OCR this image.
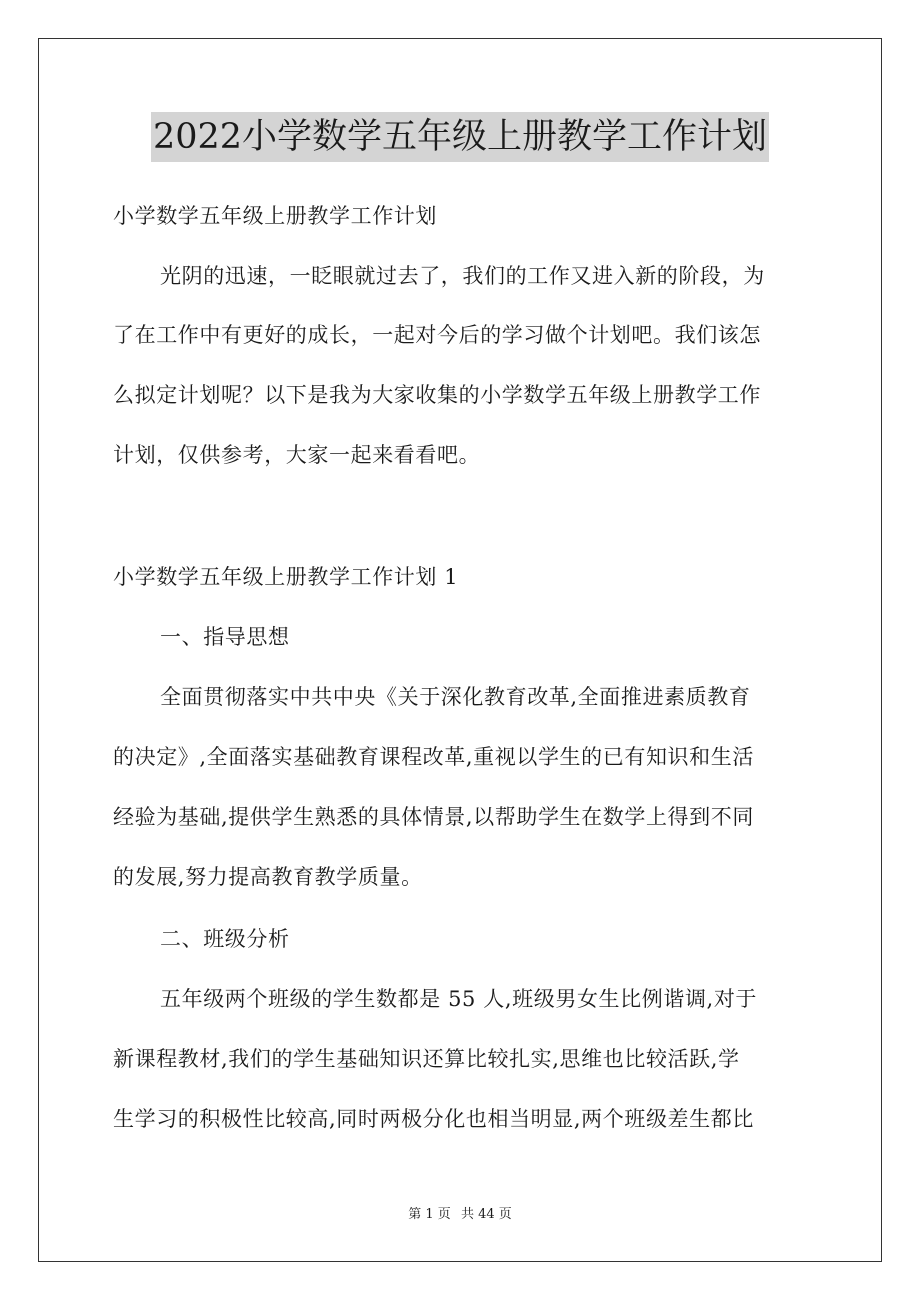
2022小学数学五年级上册教学工作计划

小学数学五年级上册教学工作计划

光阴的迅速，一眨眼就过去了，我们的工作又进入新的阶段，为

了在工作中有更好的成长，一起对今后的学习做个计划吧。我们该怎

么拟定计划呢？以下是我为大家收集的小学数学五年级上册教学工作

计划，仅供参考，大家一起来看看吧。

小学数学五年级上册教学工作计划 1

一、指导思想

全面贯彻落实中共中央《关于深化教育改革,全面推进素质教育

的决定》,全面落实基础教育课程改革,重视以学生的已有知识和生活

经验为基础,提供学生熟悉的具体情景,以帮助学生在数学上得到不同

的发展,努力提高教育教学质量。

二、班级分析

五年级两个班级的学生数都是 55 人,班级男女生比例谐调,对于

新课程教材,我们的学生基础知识还算比较扎实,思维也比较活跃,学

生学习的积极性比较高,同时两极分化也相当明显,两个班级差生都比

第 1 页 共 44 页
